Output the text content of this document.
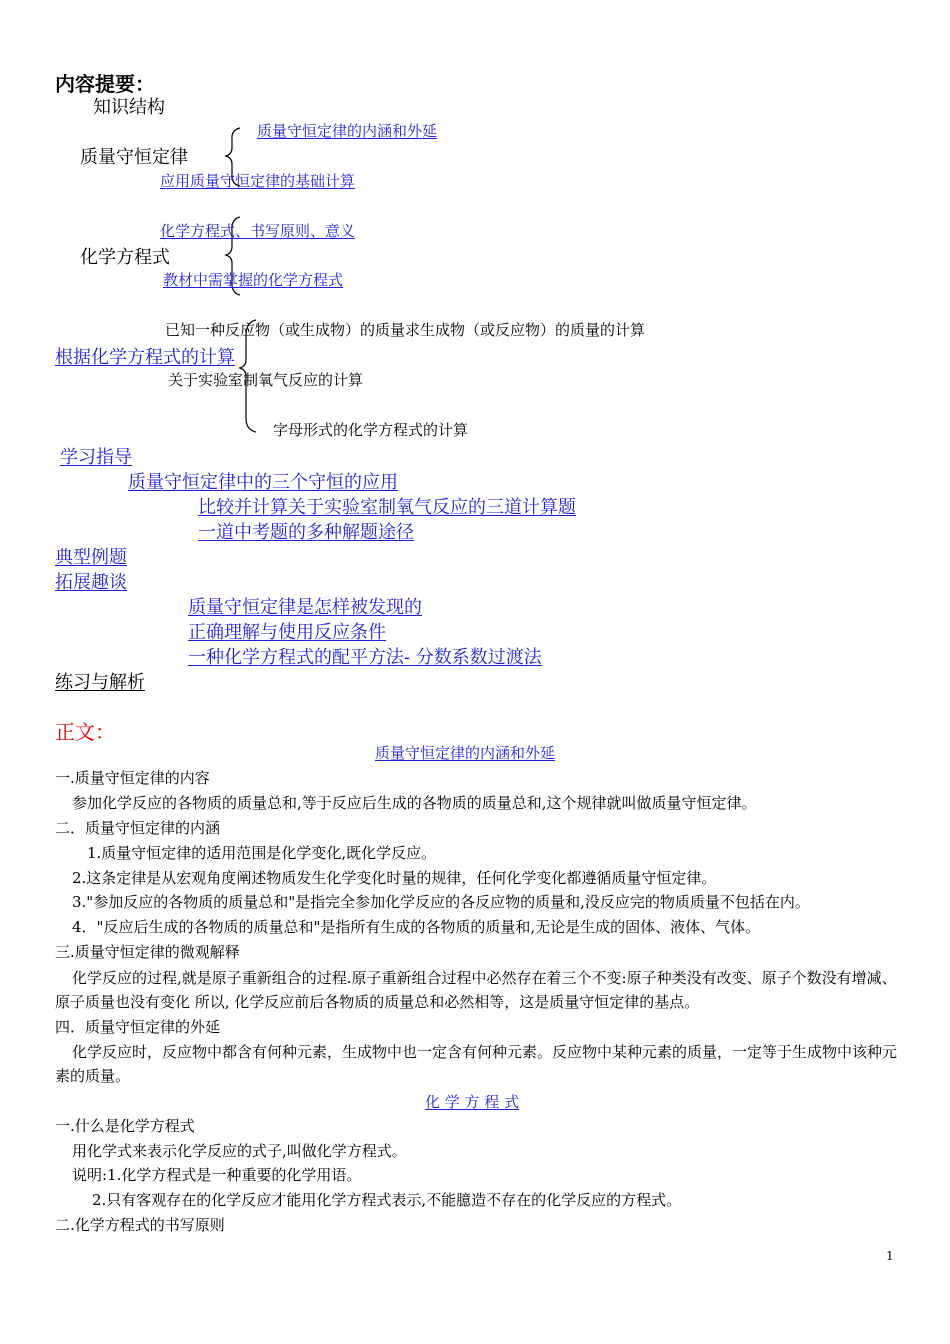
内容提要：
知识结构
质量守恒定律
质量守恒定律的内涵和外延
应用质量守恒定律的基础计算
化学方程式
化学方程式、书写原则、意义
教材中需掌握的化学方程式
根据化学方程式的计算
已知一种反应物（或生成物）的质量求生成物（或反应物）的质量的计算
关于实验室制氧气反应的计算
字母形式的化学方程式的计算
学习指导
质量守恒定律中的三个守恒的应用
比较并计算关于实验室制氧气反应的三道计算题
一道中考题的多种解题途径
典型例题
拓展趣谈
质量守恒定律是怎样被发现的
正确理解与使用反应条件
一种化学方程式的配平方法- 分数系数过渡法
练习与解析
正文：
质量守恒定律的内涵和外延
一.质量守恒定律的内容
参加化学反应的各物质的质量总和,等于反应后生成的各物质的质量总和,这个规律就叫做质量守恒定律。
二．质量守恒定律的内涵
1.质量守恒定律的适用范围是化学变化,既化学反应。
2.这条定律是从宏观角度阐述物质发生化学变化时量的规律，任何化学变化都遵循质量守恒定律。
3."参加反应的各物质的质量总和"是指完全参加化学反应的各反应物的质量和,没反应完的物质质量不包括在内。
4．"反应后生成的各物质的质量总和"是指所有生成的各物质的质量和,无论是生成的固体、液体、气体。
三.质量守恒定律的微观解释
化学反应的过程,就是原子重新组合的过程.原子重新组合过程中必然存在着三个不变:原子种类没有改变、原子个数没有增减、原子质量也没有变化 所以, 化学反应前后各物质的质量总和必然相等，这是质量守恒定律的基点。
四．质量守恒定律的外延
化学反应时，反应物中都含有何种元素，生成物中也一定含有何种元素。反应物中某种元素的质量，一定等于生成物中该种元素的质量。
化 学 方 程 式
一.什么是化学方程式
用化学式来表示化学反应的式子,叫做化学方程式。
说明:1.化学方程式是一种重要的化学用语。
2.只有客观存在的化学反应才能用化学方程式表示,不能臆造不存在的化学反应的方程式。
二.化学方程式的书写原则
1
